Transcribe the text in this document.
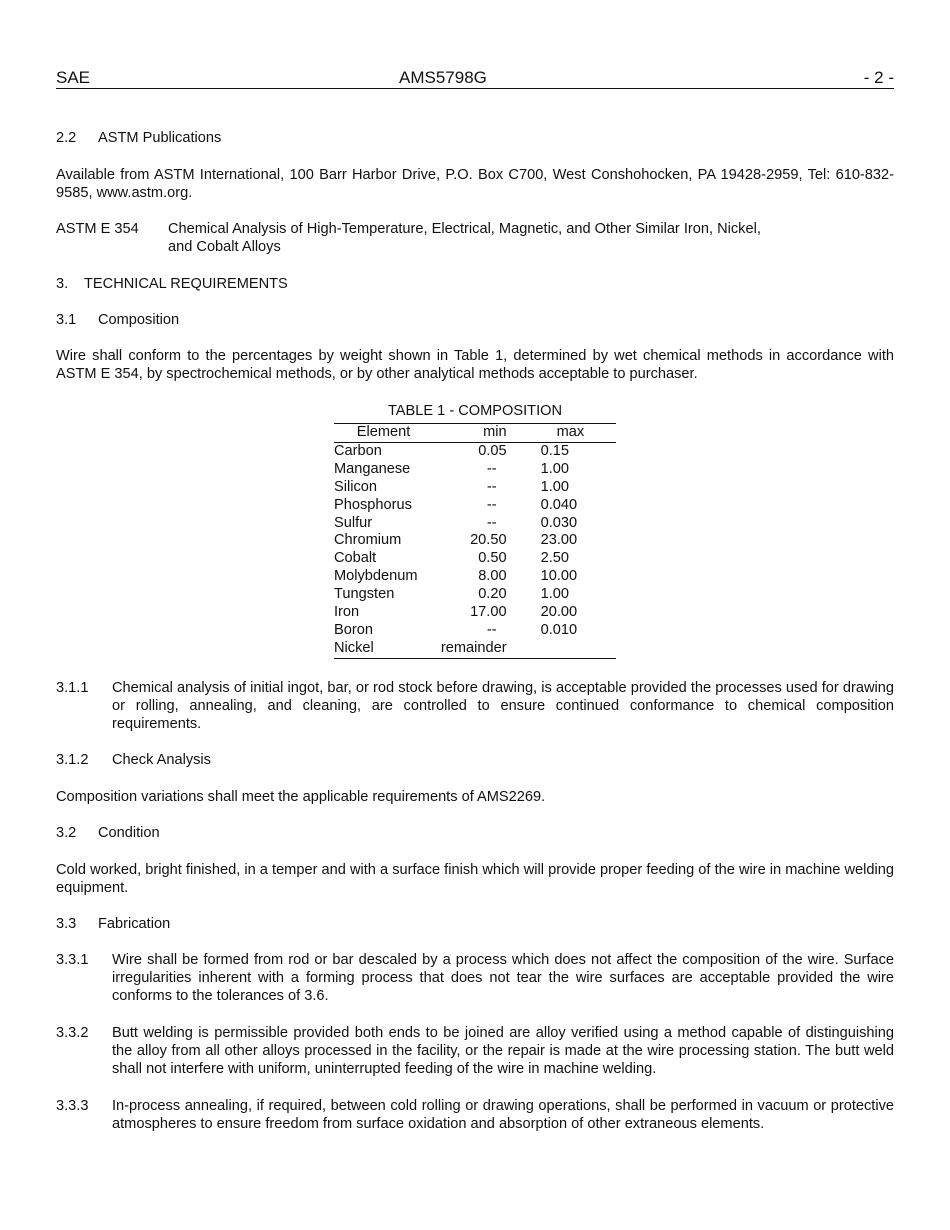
SAE	AMS5798G	- 2 -
2.2 ASTM Publications
Available from ASTM International, 100 Barr Harbor Drive, P.O. Box C700, West Conshohocken, PA 19428-2959, Tel: 610-832-9585, www.astm.org.
ASTM E 354 Chemical Analysis of High-Temperature, Electrical, Magnetic, and Other Similar Iron, Nickel,
and Cobalt Alloys
3. TECHNICAL REQUIREMENTS
3.1 Composition
Wire shall conform to the percentages by weight shown in Table 1, determined by wet chemical methods in accordance with ASTM E 354, by spectrochemical methods, or by other analytical methods acceptable to purchaser.
3.1.1 Chemical analysis of initial ingot, bar, or rod stock before drawing, is acceptable provided the processes used for drawing or rolling, annealing, and cleaning, are controlled to ensure continued conformance to chemical composition requirements.
3.1.2 Check Analysis
Composition variations shall meet the applicable requirements of AMS2269.
3.2 Condition
Cold worked, bright finished, in a temper and with a surface finish which will provide proper feeding of the wire in machine welding equipment.
3.3 Fabrication
3.3.1 Wire shall be formed from rod or bar descaled by a process which does not affect the composition of the wire. Surface irregularities inherent with a forming process that does not tear the wire surfaces are acceptable provided the wire conforms to the tolerances of 3.6.
3.3.2 Butt welding is permissible provided both ends to be joined are alloy verified using a method capable of distinguishing the alloy from all other alloys processed in the facility, or the repair is made at the wire processing station. The butt weld shall not interfere with uniform, uninterrupted feeding of the wire in machine welding.
3.3.3 In-process annealing, if required, between cold rolling or drawing operations, shall be performed in vacuum or protective atmospheres to ensure freedom from surface oxidation and absorption of other extraneous elements.
TABLE 1 - COMPOSITION
Element	min	max
Carbon	0.05	0.15
Manganese	--	1.00
Silicon	--	1.00
Phosphorus	--	0.040
Sulfur	--	0.030
Chromium	20.50	23.00
Cobalt	0.50	2.50
Molybdenum	8.00	10.00
Tungsten	0.20	1.00
Iron	17.00	20.00
Boron	--	0.010
Nickel	remainder	
